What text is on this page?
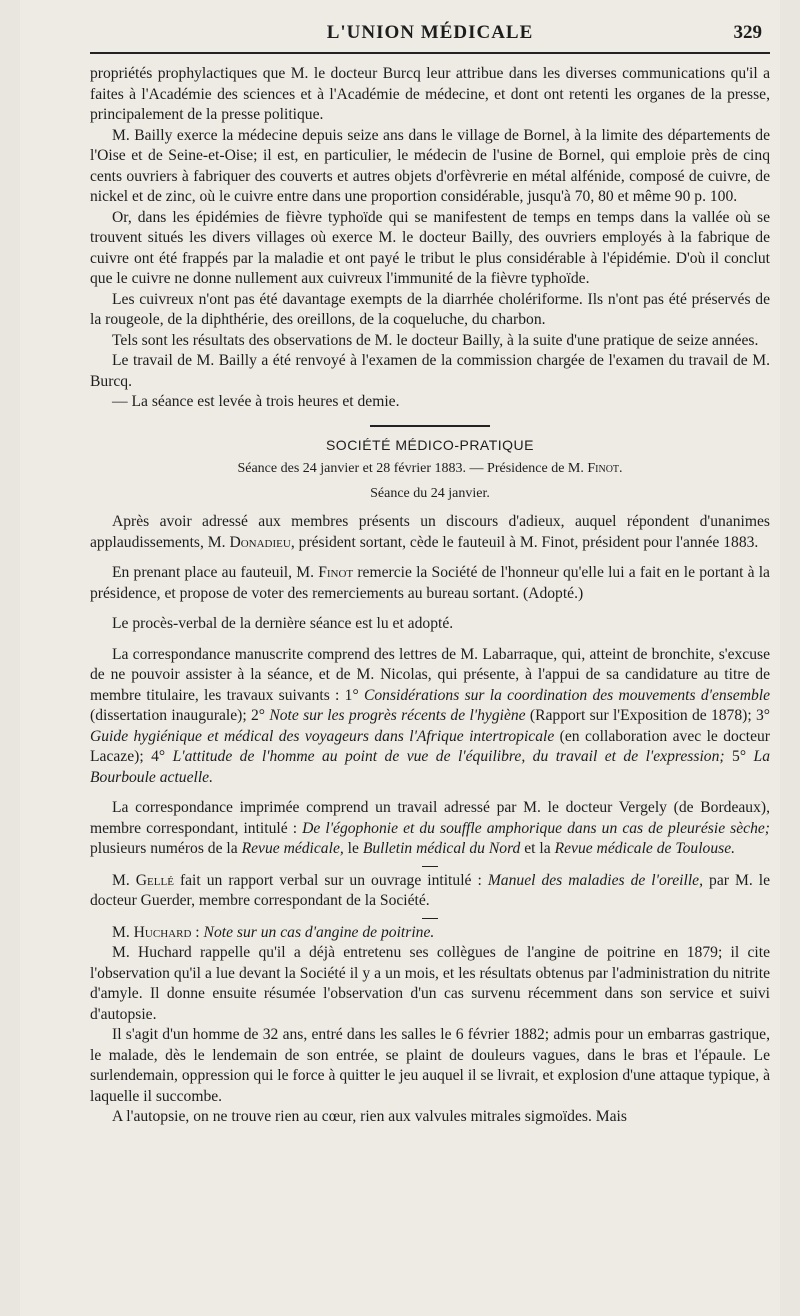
L'UNION MÉDICALE	329

propriétés prophylactiques que M. le docteur Burcq leur attribue dans les diverses communications qu'il a faites à l'Académie des sciences et à l'Académie de médecine, et dont ont retenti les organes de la presse, principalement de la presse politique.

M. Bailly exerce la médecine depuis seize ans dans le village de Bornel, à la limite des départements de l'Oise et de Seine-et-Oise; il est, en particulier, le médecin de l'usine de Bornel, qui emploie près de cinq cents ouvriers à fabriquer des couverts et autres objets d'orfèvrerie en métal alfénide, composé de cuivre, de nickel et de zinc, où le cuivre entre dans une proportion considérable, jusqu'à 70, 80 et même 90 p. 100.

Or, dans les épidémies de fièvre typhoïde qui se manifestent de temps en temps dans la vallée où se trouvent situés les divers villages où exerce M. le docteur Bailly, des ouvriers employés à la fabrique de cuivre ont été frappés par la maladie et ont payé le tribut le plus considérable à l'épidémie. D'où il conclut que le cuivre ne donne nullement aux cuivreux l'immunité de la fièvre typhoïde.

Les cuivreux n'ont pas été davantage exempts de la diarrhée cholériforme. Ils n'ont pas été préservés de la rougeole, de la diphthérie, des oreillons, de la coqueluche, du charbon.

Tels sont les résultats des observations de M. le docteur Bailly, à la suite d'une pratique de seize années.

Le travail de M. Bailly a été renvoyé à l'examen de la commission chargée de l'examen du travail de M. Burcq.

— La séance est levée à trois heures et demie.

SOCIÉTÉ MÉDICO-PRATIQUE
Séance des 24 janvier et 28 février 1883. — Présidence de M. Finot.
Séance du 24 janvier.

Après avoir adressé aux membres présents un discours d'adieux, auquel répondent d'unanimes applaudissements, M. Donadieu, président sortant, cède le fauteuil à M. Finot, président pour l'année 1883.

En prenant place au fauteuil, M. Finot remercie la Société de l'honneur qu'elle lui a fait en le portant à la présidence, et propose de voter des remerciements au bureau sortant. (Adopté.)

Le procès-verbal de la dernière séance est lu et adopté.

La correspondance manuscrite comprend des lettres de M. Labarraque, qui, atteint de bronchite, s'excuse de ne pouvoir assister à la séance, et de M. Nicolas, qui présente, à l'appui de sa candidature au titre de membre titulaire, les travaux suivants : 1° Considérations sur la coordination des mouvements d'ensemble (dissertation inaugurale); 2° Note sur les progrès récents de l'hygiène (Rapport sur l'Exposition de 1878); 3° Guide hygiénique et médical des voyageurs dans l'Afrique intertropicale (en collaboration avec le docteur Lacaze); 4° L'attitude de l'homme au point de vue de l'équilibre, du travail et de l'expression; 5° La Bourboule actuelle.

La correspondance imprimée comprend un travail adressé par M. le docteur Vergely (de Bordeaux), membre correspondant, intitulé : De l'égophonie et du souffle amphorique dans un cas de pleurésie sèche; plusieurs numéros de la Revue médicale, le Bulletin médical du Nord et la Revue médicale de Toulouse.

M. Gellé fait un rapport verbal sur un ouvrage intitulé : Manuel des maladies de l'oreille, par M. le docteur Guerder, membre correspondant de la Société.

M. Huchard : Note sur un cas d'angine de poitrine.

M. Huchard rappelle qu'il a déjà entretenu ses collègues de l'angine de poitrine en 1879; il cite l'observation qu'il a lue devant la Société il y a un mois, et les résultats obtenus par l'administration du nitrite d'amyle. Il donne ensuite résumée l'observation d'un cas survenu récemment dans son service et suivi d'autopsie.

Il s'agit d'un homme de 32 ans, entré dans les salles le 6 février 1882; admis pour un embarras gastrique, le malade, dès le lendemain de son entrée, se plaint de douleurs vagues, dans le bras et l'épaule. Le surlendemain, oppression qui le force à quitter le jeu auquel il se livrait, et explosion d'une attaque typique, à laquelle il succombe.

A l'autopsie, on ne trouve rien au cœur, rien aux valvules mitrales sigmoïdes. Mais
